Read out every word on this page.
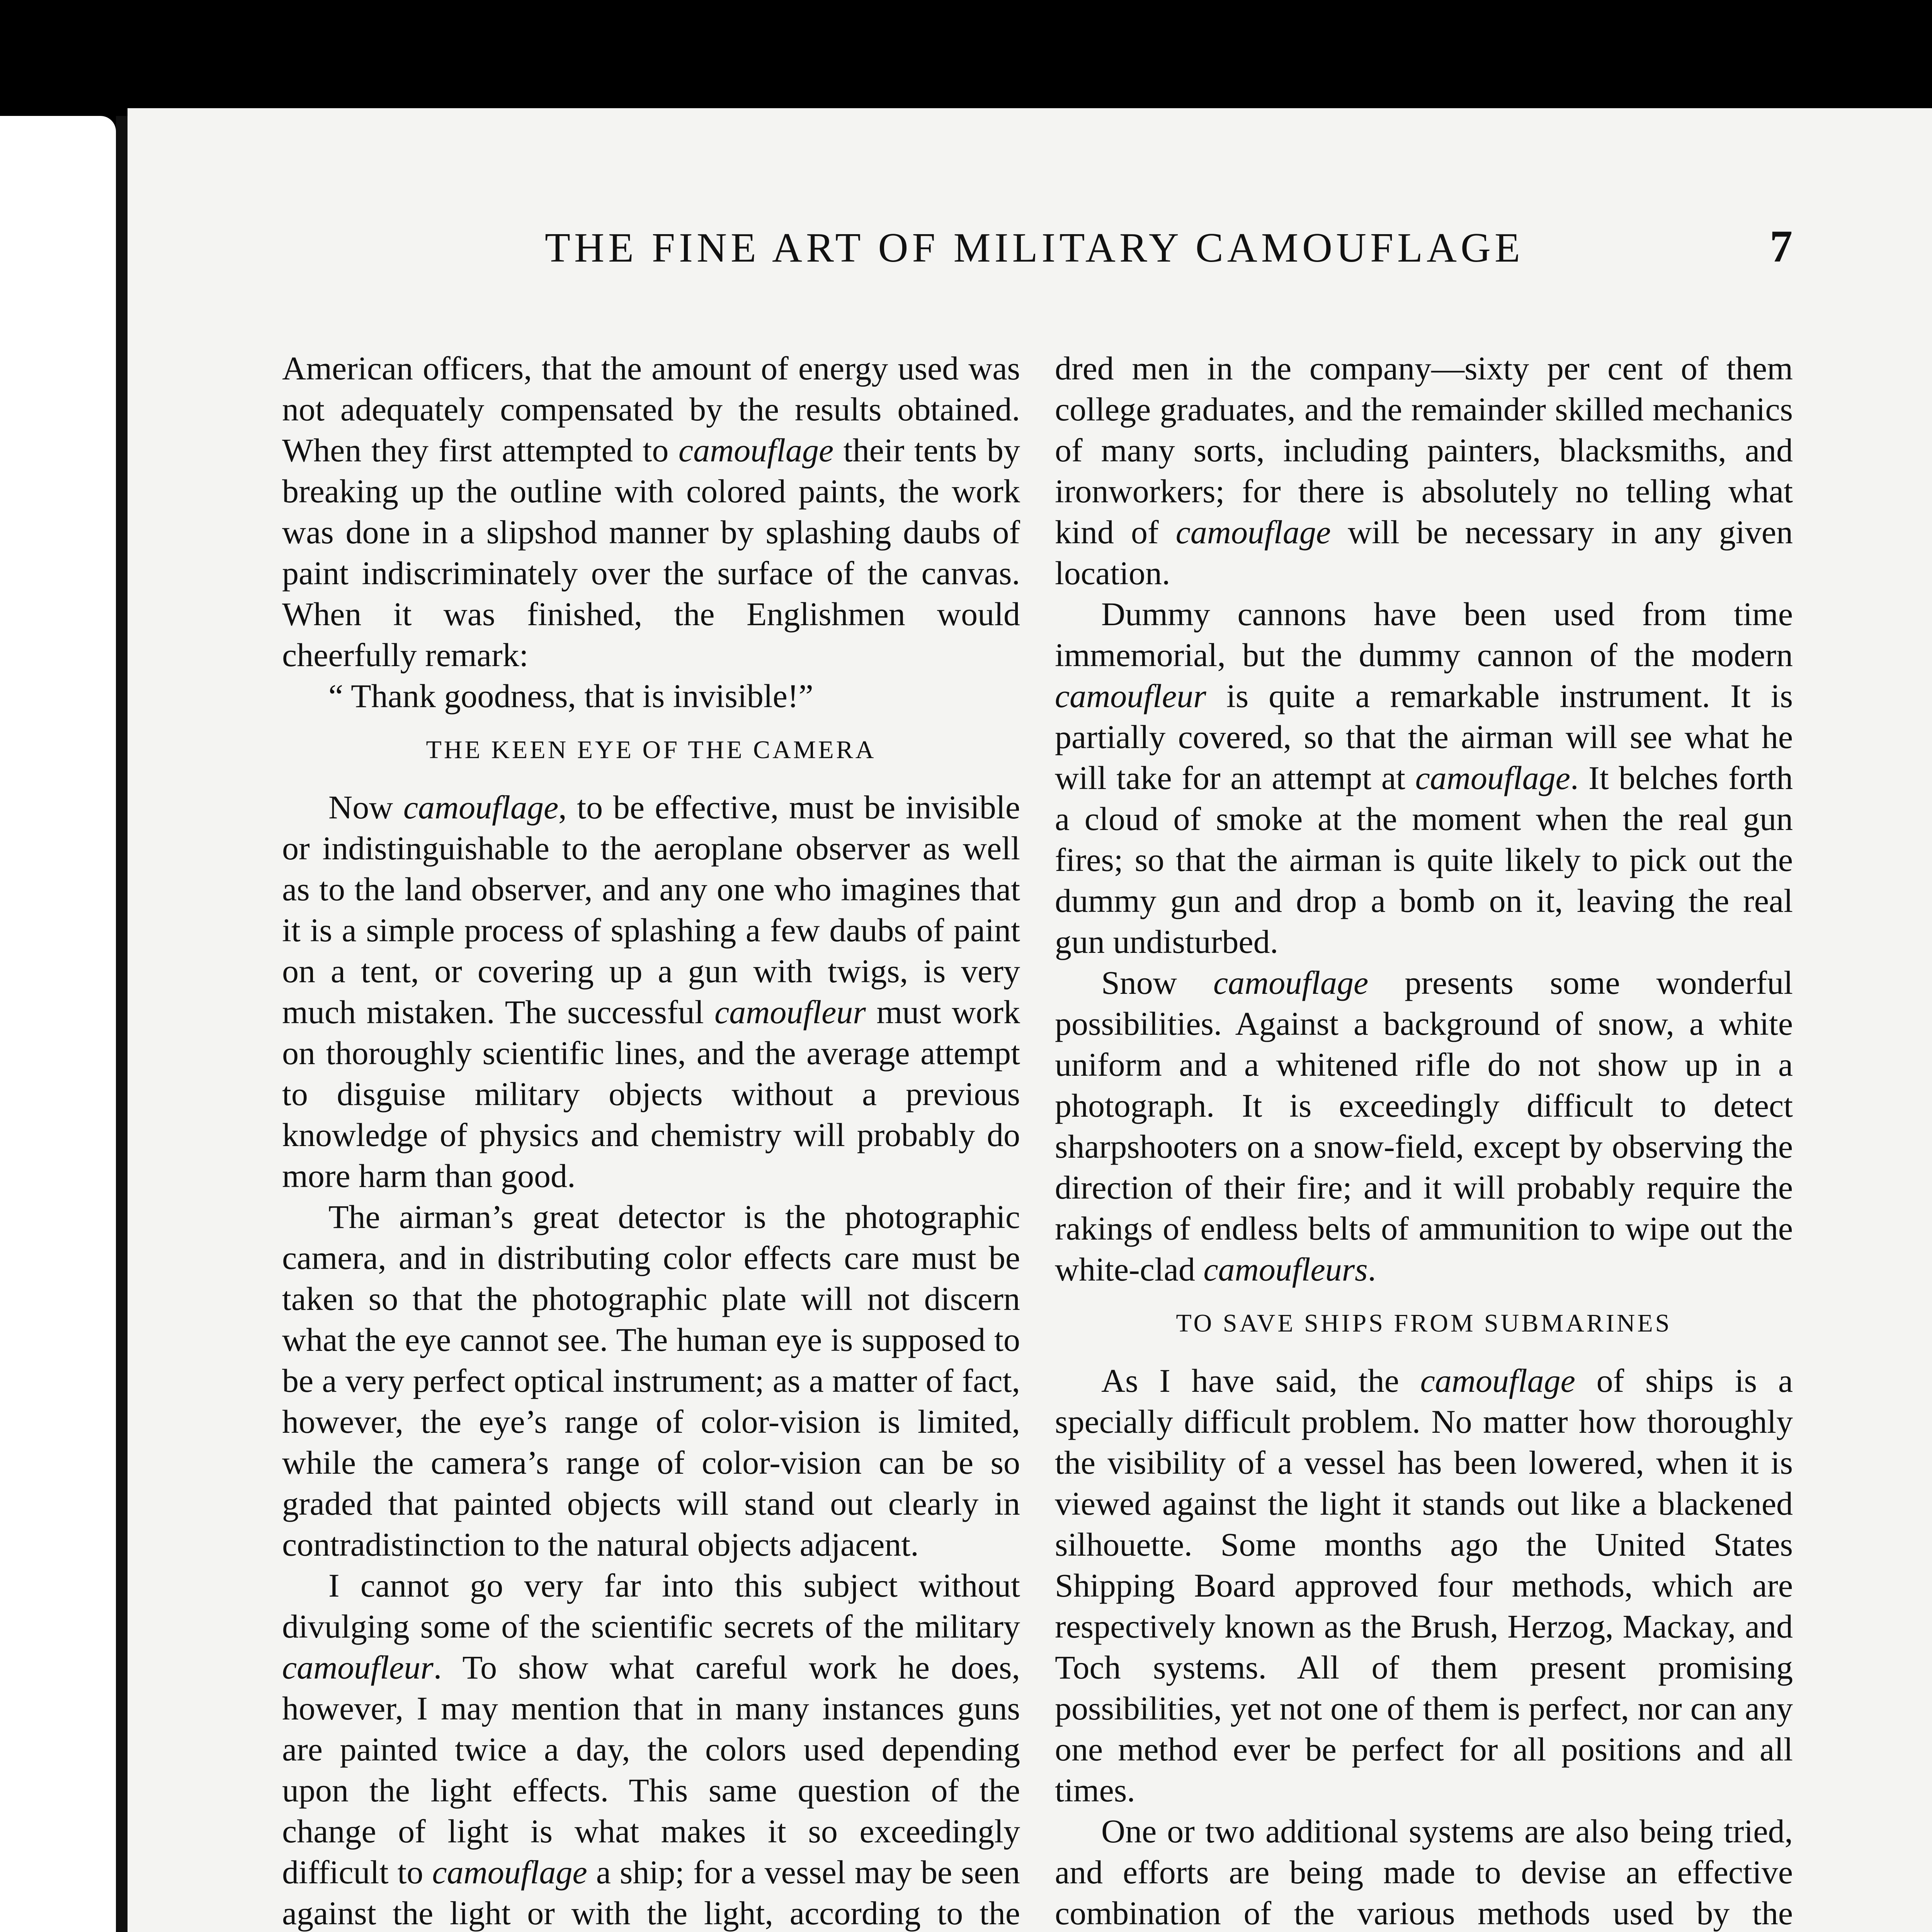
THE FINE ART OF MILITARY CAMOUFLAGE	7

American officers, that the amount of energy used was not adequately compensated by the results obtained. When they first attempted to camouflage their tents by breaking up the outline with colored paints, the work was done in a slipshod manner by splashing daubs of paint indiscriminately over the surface of the canvas. When it was finished, the Englishmen would cheerfully remark:

“ Thank goodness, that is invisible!”

THE KEEN EYE OF THE CAMERA

Now camouflage, to be effective, must be invisible or indistinguishable to the aeroplane observer as well as to the land observer, and any one who imagines that it is a simple process of splashing a few daubs of paint on a tent, or covering up a gun with twigs, is very much mistaken. The successful camoufleur must work on thoroughly scientific lines, and the average attempt to disguise military objects without a previous knowledge of physics and chemistry will probably do more harm than good.

The airman’s great detector is the photographic camera, and in distributing color effects care must be taken so that the photographic plate will not discern what the eye cannot see. The human eye is supposed to be a very perfect optical instrument; as a matter of fact, however, the eye’s range of color-vision is limited, while the camera’s range of color-vision can be so graded that painted objects will stand out clearly in contradistinction to the natural objects adjacent.

I cannot go very far into this subject without divulging some of the scientific secrets of the military camoufleur. To show what careful work he does, however, I may mention that in many instances guns are painted twice a day, the colors used depending upon the light effects. This same question of the change of light is what makes it so exceedingly difficult to camouflage a ship; for a vessel may be seen against the light or with the light, according to the

dred men in the company—sixty per cent of them college graduates, and the remainder skilled mechanics of many sorts, including painters, blacksmiths, and ironworkers; for there is absolutely no telling what kind of camouflage will be necessary in any given location.

Dummy cannons have been used from time immemorial, but the dummy cannon of the modern camoufleur is quite a remarkable instrument. It is partially covered, so that the airman will see what he will take for an attempt at camouflage. It belches forth a cloud of smoke at the moment when the real gun fires; so that the airman is quite likely to pick out the dummy gun and drop a bomb on it, leaving the real gun undisturbed.

Snow camouflage presents some wonderful possibilities. Against a background of snow, a white uniform and a whitened rifle do not show up in a photograph. It is exceedingly difficult to detect sharpshooters on a snow-field, except by observing the direction of their fire; and it will probably require the rakings of endless belts of ammunition to wipe out the white-clad camoufleurs.

TO SAVE SHIPS FROM SUBMARINES

As I have said, the camouflage of ships is a specially difficult problem. No matter how thoroughly the visibility of a vessel has been lowered, when it is viewed against the light it stands out like a blackened silhouette. Some months ago the United States Shipping Board approved four methods, which are respectively known as the Brush, Herzog, Mackay, and Toch systems. All of them present promising possibilities, yet not one of them is perfect, nor can any one method ever be perfect for all positions and all times.

One or two additional systems are also being tried, and efforts are being made to devise an effective combination of the various methods used by the
